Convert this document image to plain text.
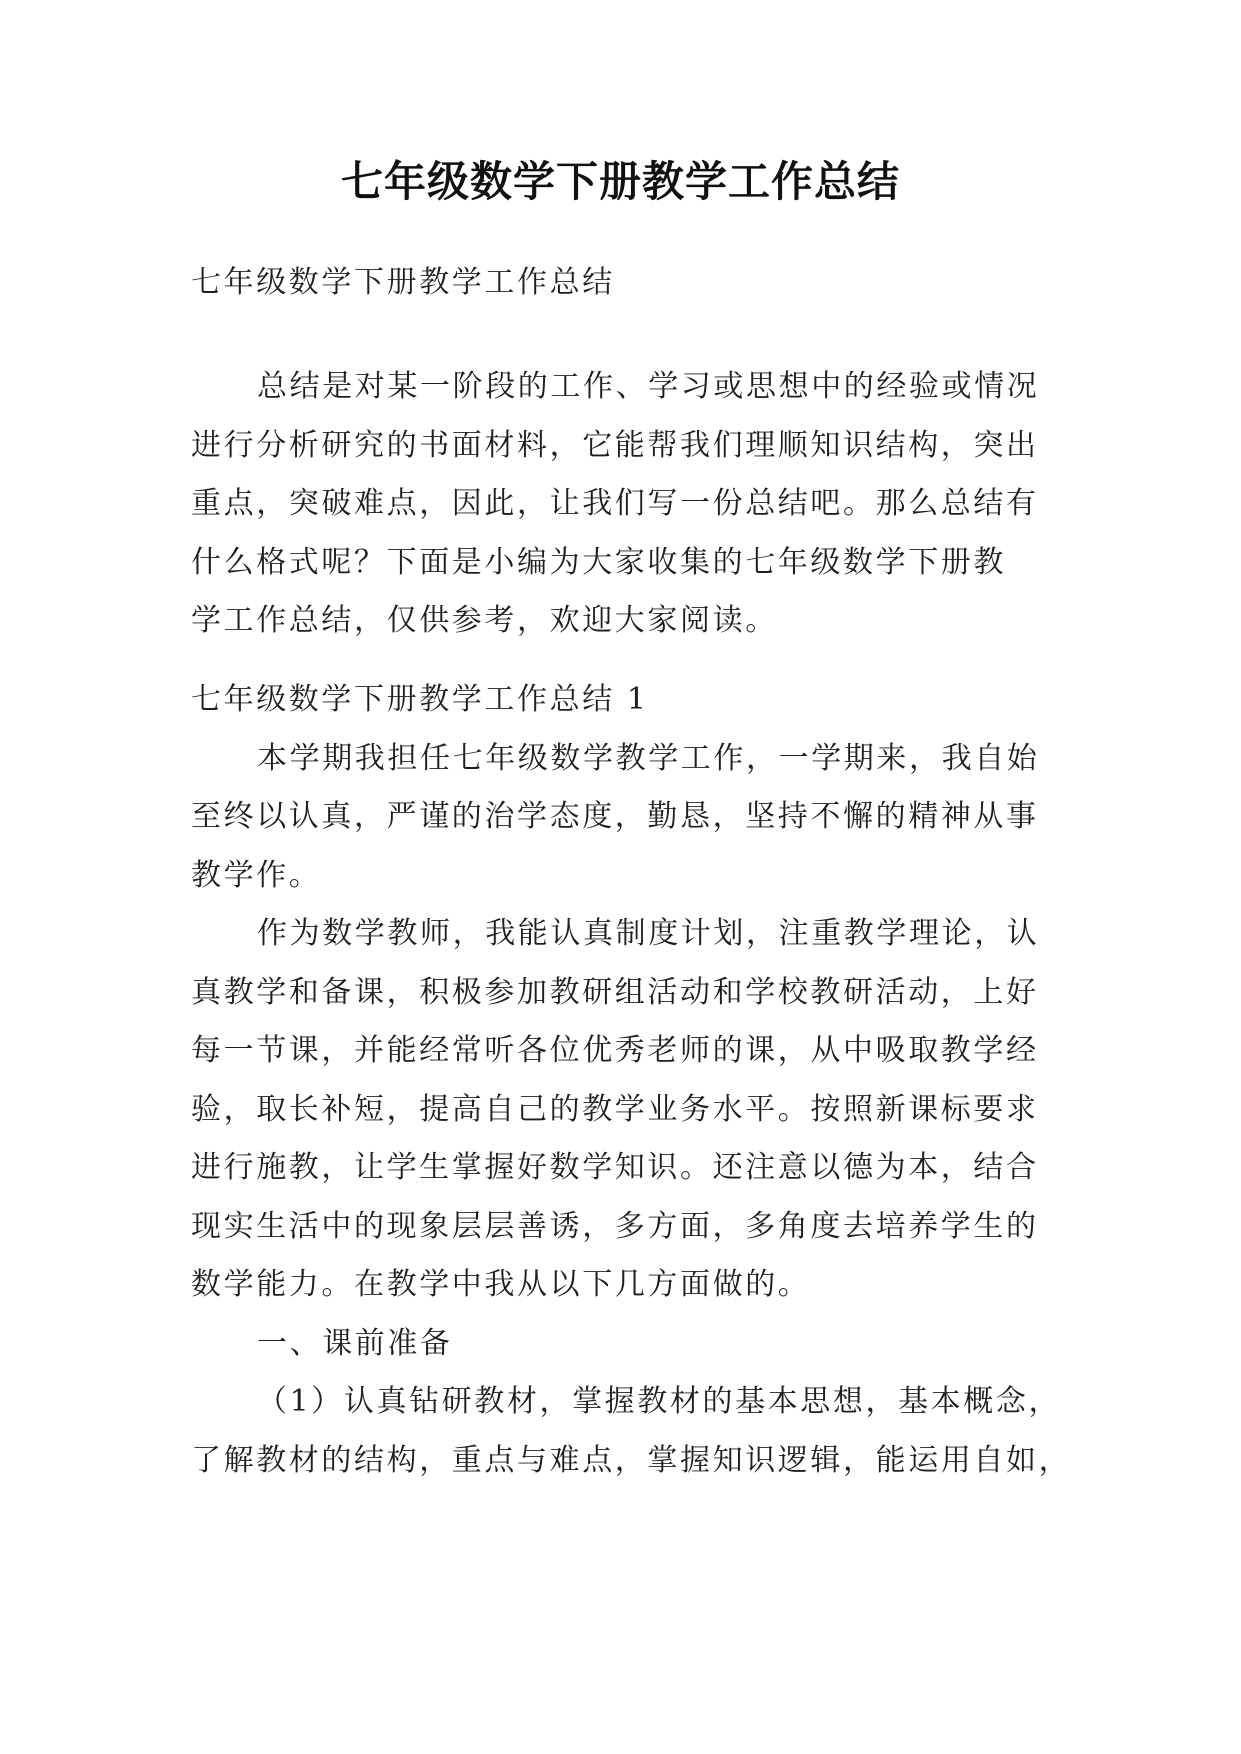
七年级数学下册教学工作总结
七年级数学下册教学工作总结
总结是对某一阶段的工作、学习或思想中的经验或情况
进行分析研究的书面材料，它能帮我们理顺知识结构，突出
重点，突破难点，因此，让我们写一份总结吧。那么总结有
什么格式呢？下面是小编为大家收集的七年级数学下册教
学工作总结，仅供参考，欢迎大家阅读。
七年级数学下册教学工作总结 1
本学期我担任七年级数学教学工作，一学期来，我自始
至终以认真，严谨的治学态度，勤恳，坚持不懈的精神从事
教学作。
作为数学教师，我能认真制度计划，注重教学理论，认
真教学和备课，积极参加教研组活动和学校教研活动，上好
每一节课，并能经常听各位优秀老师的课，从中吸取教学经
验，取长补短，提高自己的教学业务水平。按照新课标要求
进行施教，让学生掌握好数学知识。还注意以德为本，结合
现实生活中的现象层层善诱，多方面，多角度去培养学生的
数学能力。在教学中我从以下几方面做的。
一、课前准备
（1）认真钻研教材，掌握教材的基本思想，基本概念，
了解教材的结构，重点与难点，掌握知识逻辑，能运用自如，
